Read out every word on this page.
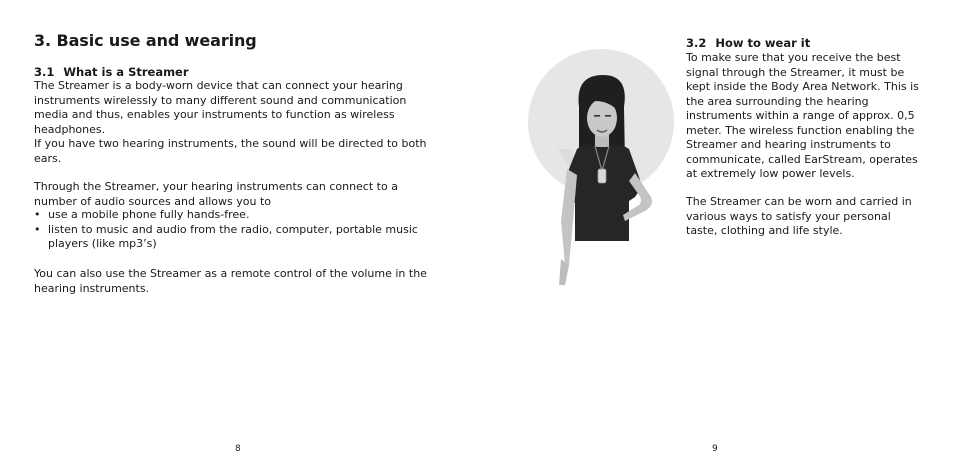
3. Basic use and wearing
3.1 What is a Streamer

The Streamer is a body-worn device that can connect your hearing instruments wirelessly to many different sound and communication media and thus, enables your instruments to function as wireless headphones.

If you have two hearing instruments, the sound will be directed to both ears.

Through the Streamer, your hearing instruments can connect to a number of audio sources and allows you to

• use a mobile phone fully hands-free.
• listen to music and audio from the radio, computer, portable music players (like mp3’s)

You can also use the Streamer as a remote control of the volume in the hearing instruments.

8
3.2 How to wear it

To make sure that you receive the best signal through the Streamer, it must be kept inside the Body Area Network. This is the area surrounding the hearing instruments within a range of approx. 0,5 meter. The wireless function enabling the Streamer and hearing instruments to communicate, called EarStream, operates at extremely low power levels.

The Streamer can be worn and carried in various ways to satisfy your personal taste, clothing and life style.

9
